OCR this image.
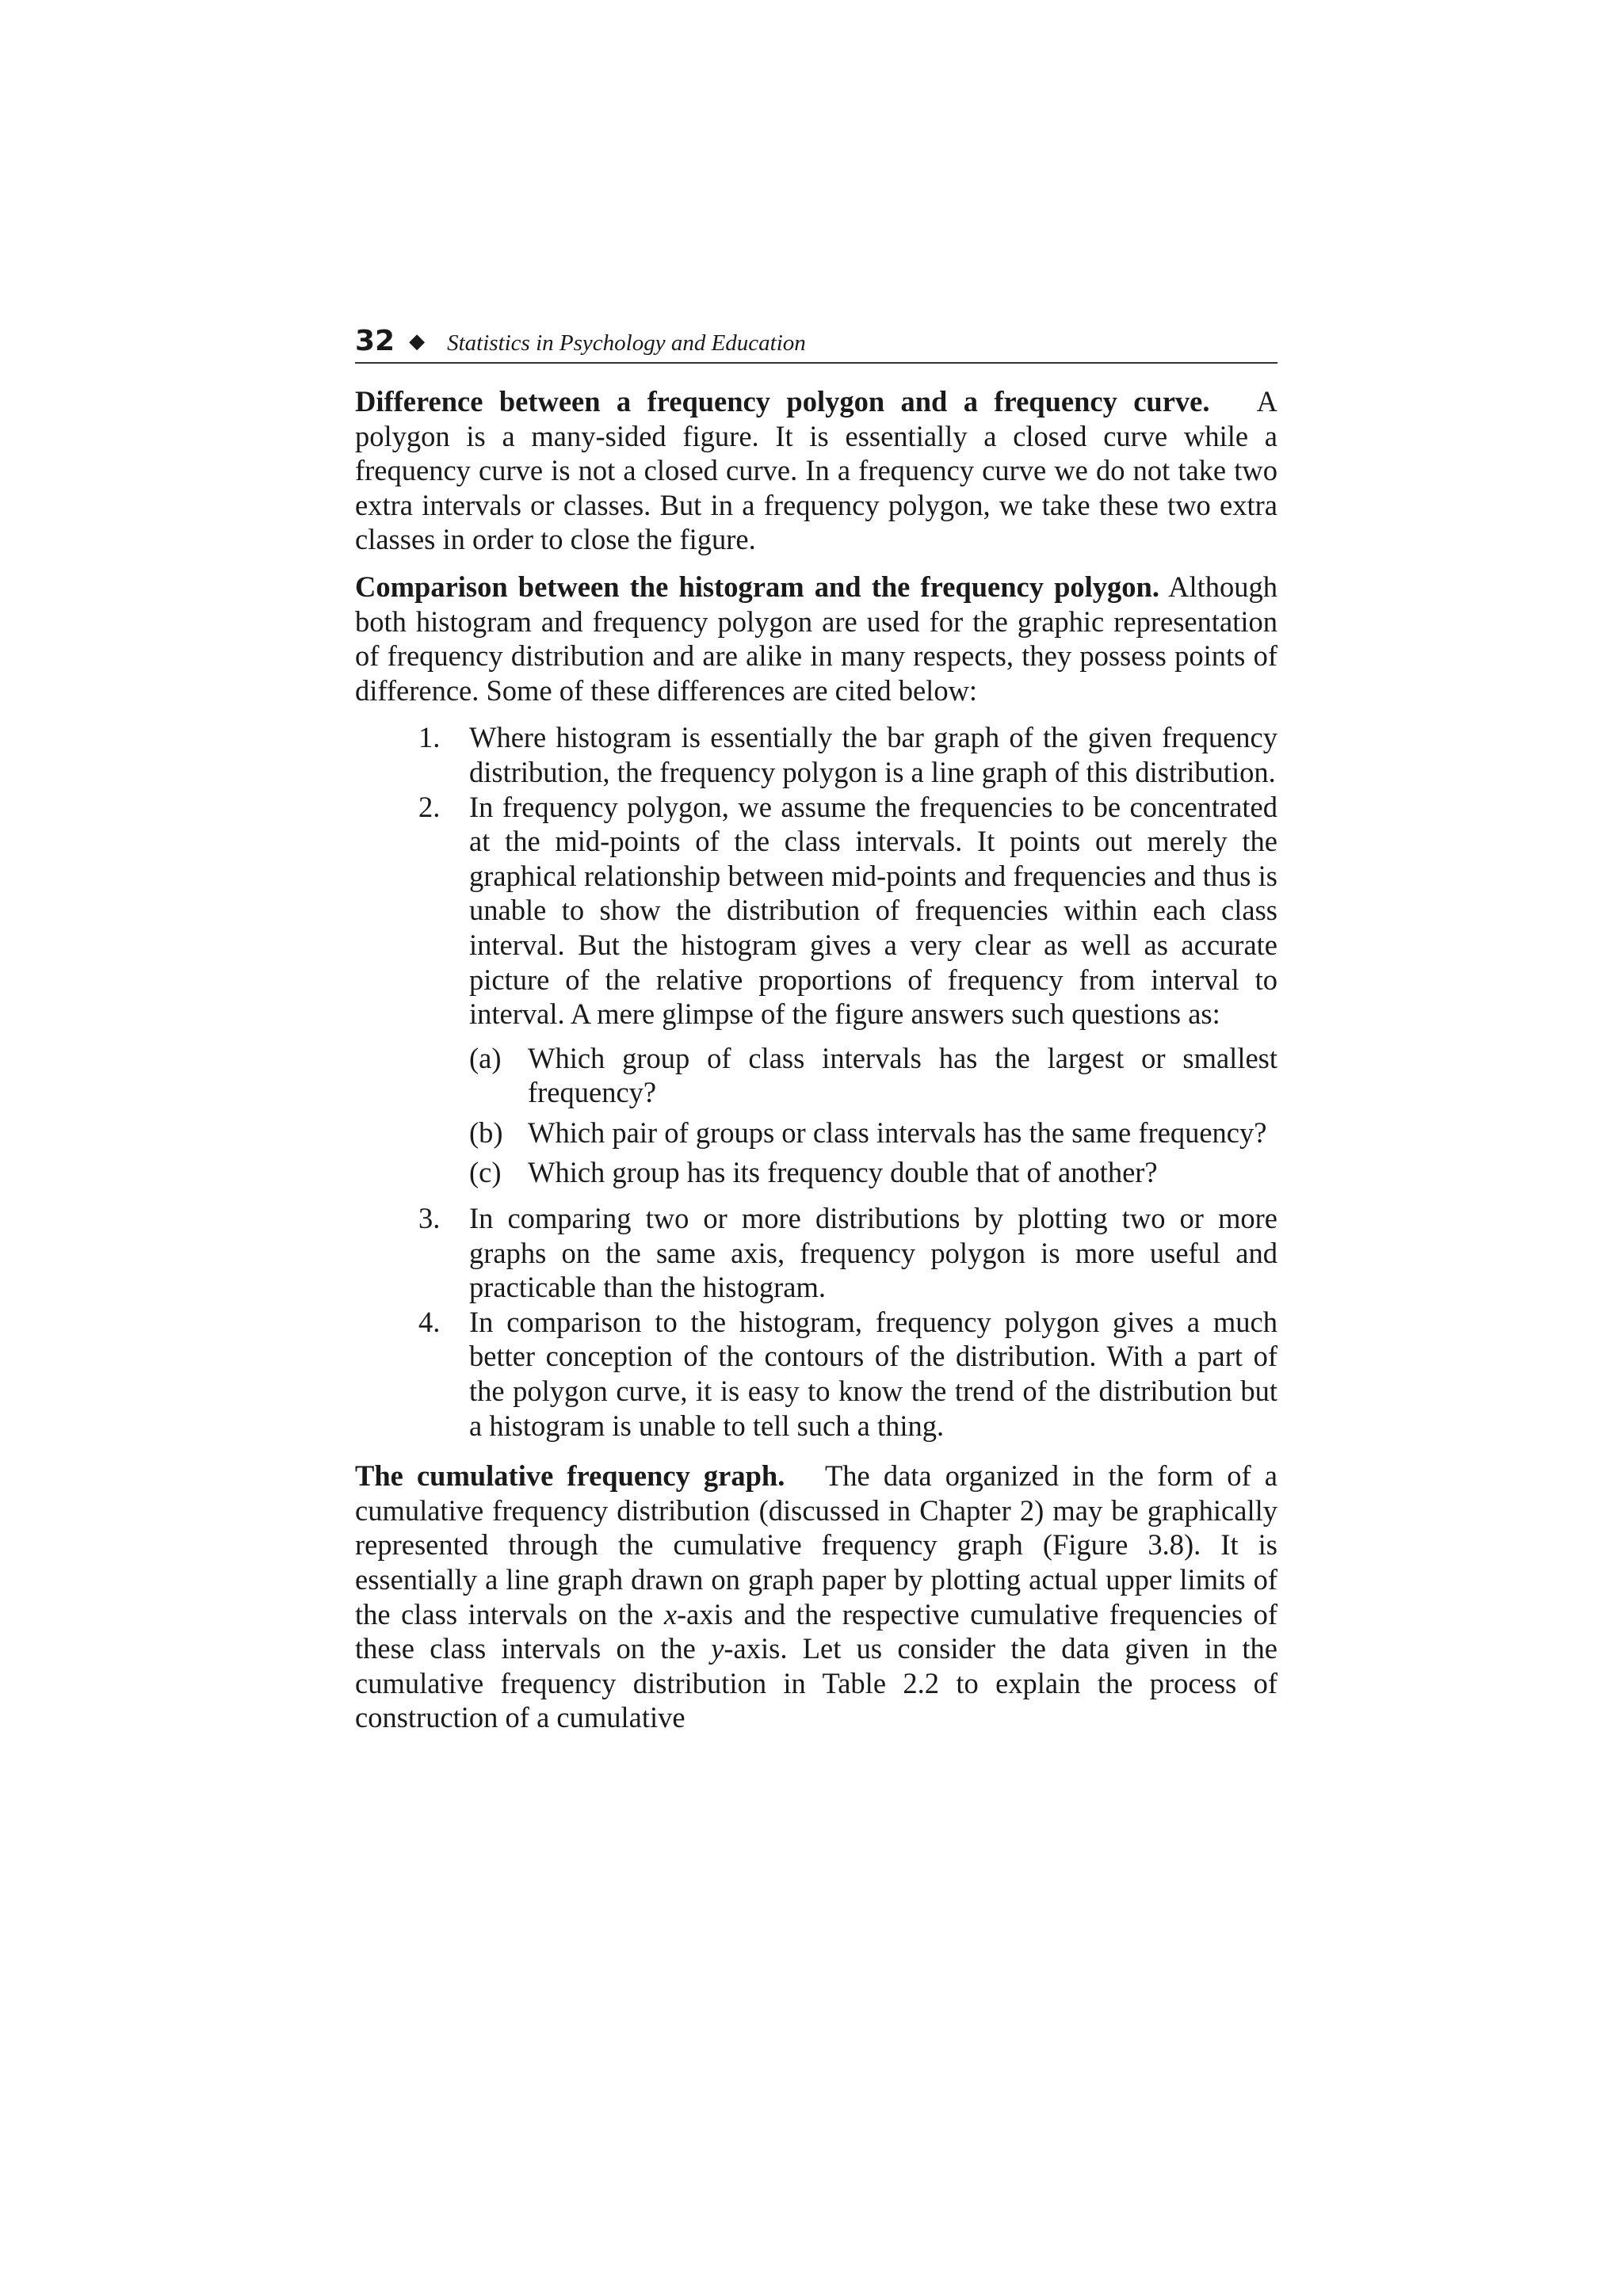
32 ◆ Statistics in Psychology and Education

Difference between a frequency polygon and a frequency curve. A polygon is a many-sided figure. It is essentially a closed curve while a frequency curve is not a closed curve. In a frequency curve we do not take two extra intervals or classes. But in a frequency polygon, we take these two extra classes in order to close the figure.

Comparison between the histogram and the frequency polygon. Although both histogram and frequency polygon are used for the graphic representation of frequency distribution and are alike in many respects, they possess points of difference. Some of these differences are cited below:

1.	Where histogram is essentially the bar graph of the given frequency distribution, the frequency polygon is a line graph of this distribution.
2.	In frequency polygon, we assume the frequencies to be concentrated at the mid-points of the class intervals. It points out merely the graphical relationship between mid-points and frequencies and thus is unable to show the distribution of frequencies within each class interval. But the histogram gives a very clear as well as accurate picture of the relative proportions of frequency from interval to interval. A mere glimpse of the figure answers such questions as:
(a) Which group of class intervals has the largest or smallest frequency?
(b) Which pair of groups or class intervals has the same frequency?
(c) Which group has its frequency double that of another?
3.	In comparing two or more distributions by plotting two or more graphs on the same axis, frequency polygon is more useful and practicable than the histogram.
4.	In comparison to the histogram, frequency polygon gives a much better conception of the contours of the distribution. With a part of the polygon curve, it is easy to know the trend of the distribution but a histogram is unable to tell such a thing.

The cumulative frequency graph. The data organized in the form of a cumulative frequency distribution (discussed in Chapter 2) may be graphically represented through the cumulative frequency graph (Figure 3.8). It is essentially a line graph drawn on graph paper by plotting actual upper limits of the class intervals on the x-axis and the respective cumulative frequencies of these class intervals on the y-axis. Let us consider the data given in the cumulative frequency distribution in Table 2.2 to explain the process of construction of a cumulative
